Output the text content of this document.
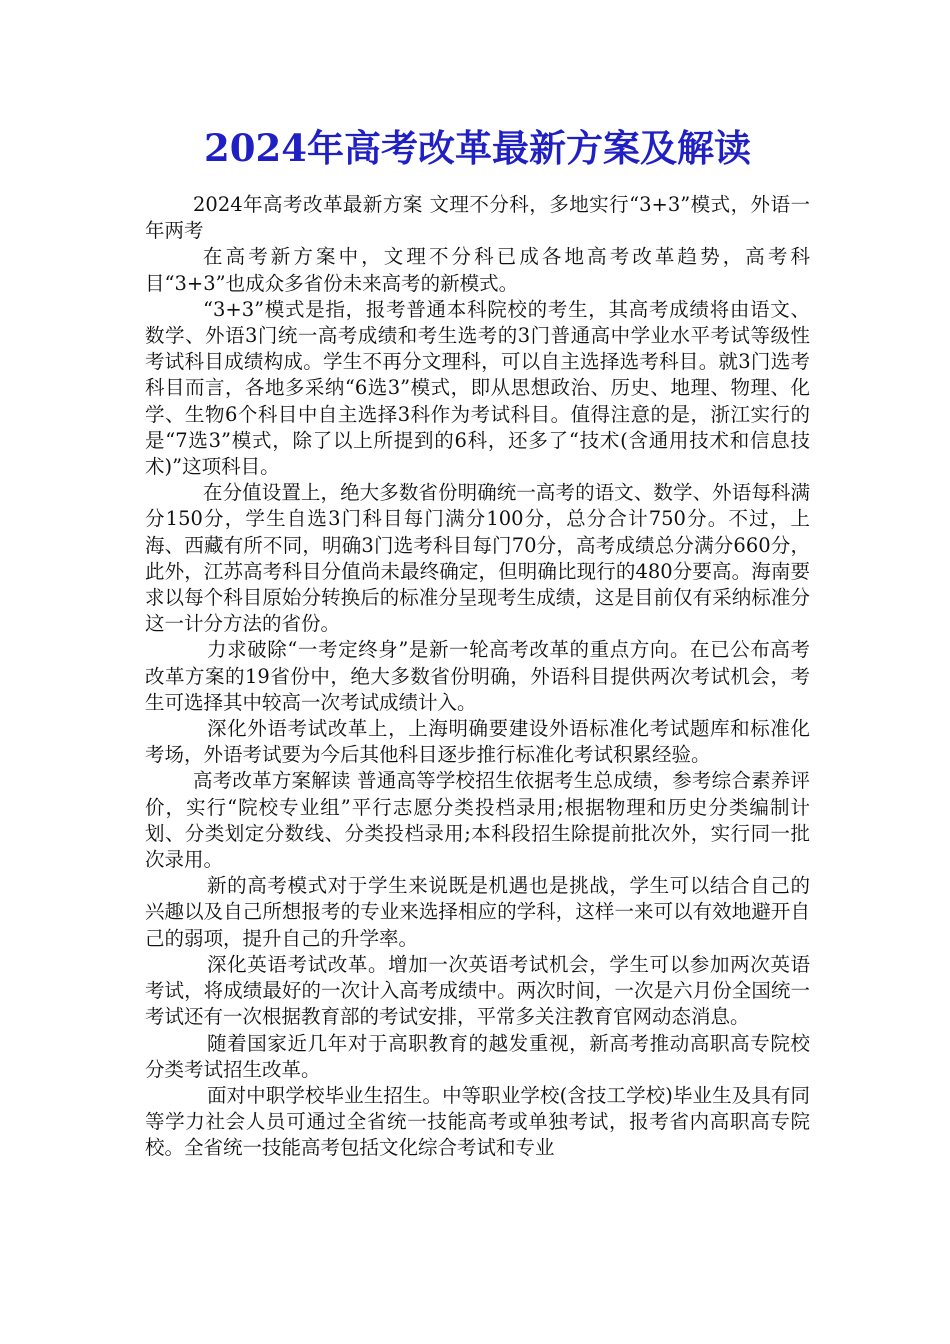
2024年高考改革最新方案及解读

2024年高考改革最新方案 文理不分科，多地实行“3+3”模式，外语一年两考

在高考新方案中，文理不分科已成各地高考改革趋势，高考科目“3+3”也成众多省份未来高考的新模式。

“3+3”模式是指，报考普通本科院校的考生，其高考成绩将由语文、数学、外语3门统一高考成绩和考生选考的3门普通高中学业水平考试等级性考试科目成绩构成。学生不再分文理科，可以自主选择选考科目。就3门选考科目而言，各地多采纳“6选3”模式，即从思想政治、历史、地理、物理、化学、生物6个科目中自主选择3科作为考试科目。值得注意的是，浙江实行的是“7选3”模式，除了以上所提到的6科，还多了“技术(含通用技术和信息技术)”这项科目。

在分值设置上，绝大多数省份明确统一高考的语文、数学、外语每科满分150分，学生自选3门科目每门满分100分，总分合计750分。不过，上海、西藏有所不同，明确3门选考科目每门70分，高考成绩总分满分660分，此外，江苏高考科目分值尚未最终确定，但明确比现行的480分要高。海南要求以每个科目原始分转换后的标准分呈现考生成绩，这是目前仅有采纳标准分这一计分方法的省份。

力求破除“一考定终身”是新一轮高考改革的重点方向。在已公布高考改革方案的19省份中，绝大多数省份明确，外语科目提供两次考试机会，考生可选择其中较高一次考试成绩计入。

深化外语考试改革上，上海明确要建设外语标准化考试题库和标准化考场，外语考试要为今后其他科目逐步推行标准化考试积累经验。

高考改革方案解读 普通高等学校招生依据考生总成绩，参考综合素养评价，实行“院校专业组”平行志愿分类投档录用;根据物理和历史分类编制计划、分类划定分数线、分类投档录用;本科段招生除提前批次外，实行同一批次录用。

新的高考模式对于学生来说既是机遇也是挑战，学生可以结合自己的兴趣以及自己所想报考的专业来选择相应的学科，这样一来可以有效地避开自己的弱项，提升自己的升学率。

深化英语考试改革。增加一次英语考试机会，学生可以参加两次英语考试，将成绩最好的一次计入高考成绩中。两次时间，一次是六月份全国统一考试还有一次根据教育部的考试安排，平常多关注教育官网动态消息。

随着国家近几年对于高职教育的越发重视，新高考推动高职高专院校分类考试招生改革。

面对中职学校毕业生招生。中等职业学校(含技工学校)毕业生及具有同等学力社会人员可通过全省统一技能高考或单独考试，报考省内高职高专院校。全省统一技能高考包括文化综合考试和专业
